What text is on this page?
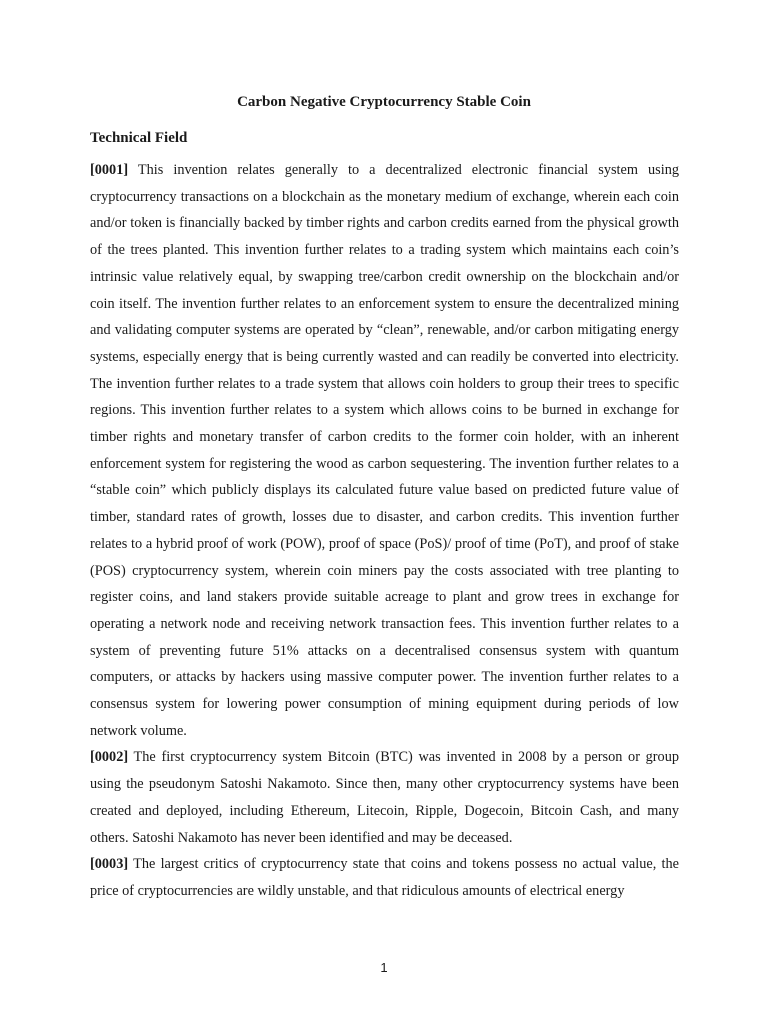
Carbon Negative Cryptocurrency Stable Coin
Technical Field

[0001] This invention relates generally to a decentralized electronic financial system using cryptocurrency transactions on a blockchain as the monetary medium of exchange, wherein each coin and/or token is financially backed by timber rights and carbon credits earned from the physical growth of the trees planted. This invention further relates to a trading system which maintains each coin’s intrinsic value relatively equal, by swapping tree/carbon credit ownership on the blockchain and/or coin itself. The invention further relates to an enforcement system to ensure the decentralized mining and validating computer systems are operated by “clean”, renewable, and/or carbon mitigating energy systems, especially energy that is being currently wasted and can readily be converted into electricity. The invention further relates to a trade system that allows coin holders to group their trees to specific regions. This invention further relates to a system which allows coins to be burned in exchange for timber rights and monetary transfer of carbon credits to the former coin holder, with an inherent enforcement system for registering the wood as carbon sequestering. The invention further relates to a “stable coin” which publicly displays its calculated future value based on predicted future value of timber, standard rates of growth, losses due to disaster, and carbon credits. This invention further relates to a hybrid proof of work (POW), proof of space (PoS)/ proof of time (PoT), and proof of stake (POS) cryptocurrency system, wherein coin miners pay the costs associated with tree planting to register coins, and land stakers provide suitable acreage to plant and grow trees in exchange for operating a network node and receiving network transaction fees. This invention further relates to a system of preventing future 51% attacks on a decentralised consensus system with quantum computers, or attacks by hackers using massive computer power. The invention further relates to a consensus system for lowering power consumption of mining equipment during periods of low network volume.

[0002] The first cryptocurrency system Bitcoin (BTC) was invented in 2008 by a person or group using the pseudonym Satoshi Nakamoto. Since then, many other cryptocurrency systems have been created and deployed, including Ethereum, Litecoin, Ripple, Dogecoin, Bitcoin Cash, and many others. Satoshi Nakamoto has never been identified and may be deceased.

[0003] The largest critics of cryptocurrency state that coins and tokens possess no actual value, the price of cryptocurrencies are wildly unstable, and that ridiculous amounts of electrical energy

1
